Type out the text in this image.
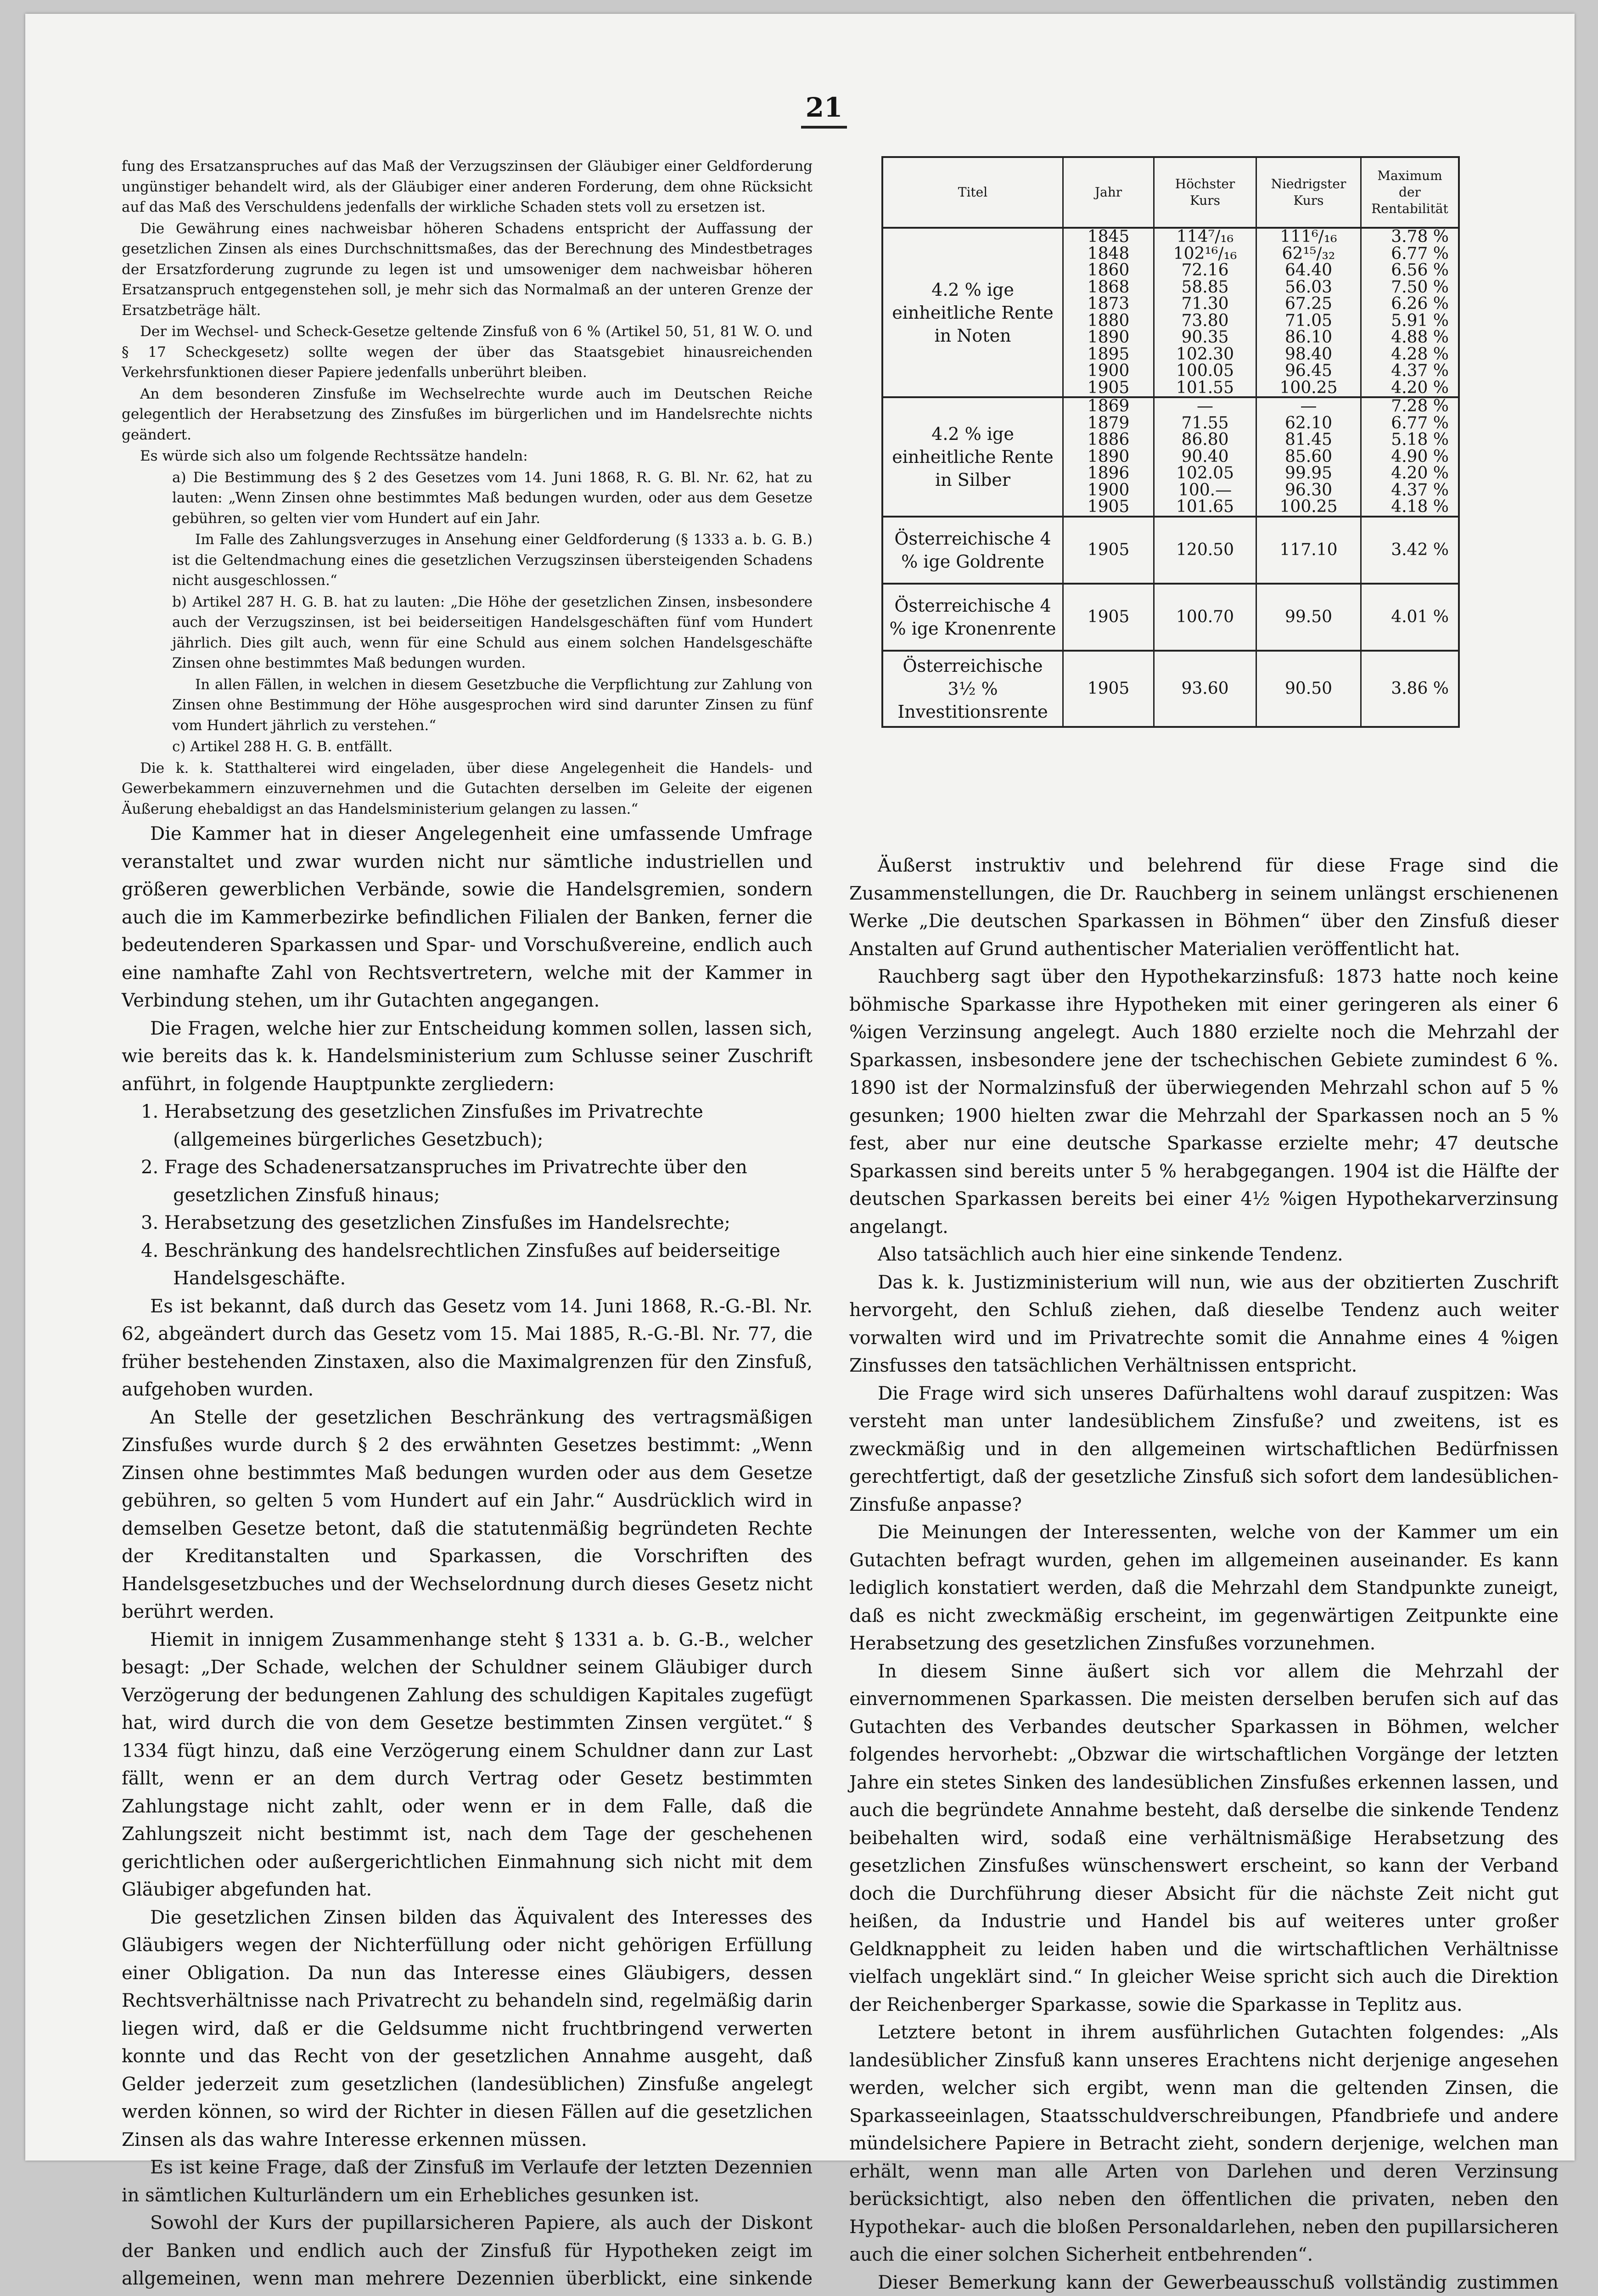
21

fung des Ersatzanspruches auf das Maß der Verzugszinsen der Gläubiger einer Geldforderung ungünstiger behandelt wird, als der Gläubiger einer anderen Forderung, dem ohne Rücksicht auf das Maß des Verschuldens jedenfalls der wirkliche Schaden stets voll zu ersetzen ist.

Die Gewährung eines nachweisbar höheren Schadens entspricht der Auffassung der gesetzlichen Zinsen als eines Durchschnittsmaßes, das der Berechnung des Mindestbetrages der Ersatzforderung zugrunde zu legen ist und umsoweniger dem nachweisbar höheren Ersatzanspruch entgegenstehen soll, je mehr sich das Normalmaß an der unteren Grenze der Ersatzbeträge hält.

Der im Wechsel- und Scheck-Gesetze geltende Zinsfuß von 6 % (Artikel 50, 51, 81 W. O. und § 17 Scheckgesetz) sollte wegen der über das Staatsgebiet hinausreichenden Verkehrsfunktionen dieser Papiere jedenfalls unberührt bleiben.

An dem besonderen Zinsfuße im Wechselrechte wurde auch im Deutschen Reiche gelegentlich der Herabsetzung des Zinsfußes im bürgerlichen und im Handelsrechte nichts geändert.

Es würde sich also um folgende Rechtssätze handeln:

a) Die Bestimmung des § 2 des Gesetzes vom 14. Juni 1868, R. G. Bl. Nr. 62, hat zu lauten: „Wenn Zinsen ohne bestimmtes Maß bedungen wurden, oder aus dem Gesetze gebühren, so gelten vier vom Hundert auf ein Jahr.

Im Falle des Zahlungsverzuges in Ansehung einer Geldforderung (§ 1333 a. b. G. B.) ist die Geltendmachung eines die gesetzlichen Verzugszinsen übersteigenden Schadens nicht ausgeschlossen.“

b) Artikel 287 H. G. B. hat zu lauten: „Die Höhe der gesetzlichen Zinsen, insbesondere auch der Verzugszinsen, ist bei beiderseitigen Handelsgeschäften fünf vom Hundert jährlich. Dies gilt auch, wenn für eine Schuld aus einem solchen Handelsgeschäfte Zinsen ohne bestimmtes Maß bedungen wurden.

In allen Fällen, in welchen in diesem Gesetzbuche die Verpflichtung zur Zahlung von Zinsen ohne Bestimmung der Höhe ausgesprochen wird sind darunter Zinsen zu fünf vom Hundert jährlich zu verstehen.“

c) Artikel 288 H. G. B. entfällt.

Die k. k. Statthalterei wird eingeladen, über diese Angelegenheit die Handels- und Gewerbekammern einzuvernehmen und die Gutachten derselben im Geleite der eigenen Äußerung ehebaldigst an das Handelsministerium gelangen zu lassen.“

Die Kammer hat in dieser Angelegenheit eine umfassende Umfrage veranstaltet und zwar wurden nicht nur sämtliche industriellen und größeren gewerblichen Verbände, sowie die Handelsgremien, sondern auch die im Kammerbezirke befindlichen Filialen der Banken, ferner die bedeutenderen Sparkassen und Spar- und Vorschußvereine, endlich auch eine namhafte Zahl von Rechtsvertretern, welche mit der Kammer in Verbindung stehen, um ihr Gutachten angegangen.

Die Fragen, welche hier zur Entscheidung kommen sollen, lassen sich, wie bereits das k. k. Handelsministerium zum Schlusse seiner Zuschrift anführt, in folgende Hauptpunkte zergliedern:

1. Herabsetzung des gesetzlichen Zinsfußes im Privatrechte (allgemeines bürgerliches Gesetzbuch);

2. Frage des Schadenersatzanspruches im Privatrechte über den gesetzlichen Zinsfuß hinaus;

3. Herabsetzung des gesetzlichen Zinsfußes im Handelsrechte;

4. Beschränkung des handelsrechtlichen Zinsfußes auf beiderseitige Handelsgeschäfte.

Es ist bekannt, daß durch das Gesetz vom 14. Juni 1868, R.-G.-Bl. Nr. 62, abgeändert durch das Gesetz vom 15. Mai 1885, R.-G.-Bl. Nr. 77, die früher bestehenden Zinstaxen, also die Maximalgrenzen für den Zinsfuß, aufgehoben wurden.

An Stelle der gesetzlichen Beschränkung des vertragsmäßigen Zinsfußes wurde durch § 2 des erwähnten Gesetzes bestimmt: „Wenn Zinsen ohne bestimmtes Maß bedungen wurden oder aus dem Gesetze gebühren, so gelten 5 vom Hundert auf ein Jahr.“ Ausdrücklich wird in demselben Gesetze betont, daß die statutenmäßig begründeten Rechte der Kreditanstalten und Sparkassen, die Vorschriften des Handelsgesetzbuches und der Wechselordnung durch dieses Gesetz nicht berührt werden.

Hiemit in innigem Zusammenhange steht § 1331 a. b. G.-B., welcher besagt: „Der Schade, welchen der Schuldner seinem Gläubiger durch Verzögerung der bedungenen Zahlung des schuldigen Kapitales zugefügt hat, wird durch die von dem Gesetze bestimmten Zinsen vergütet.“ § 1334 fügt hinzu, daß eine Verzögerung einem Schuldner dann zur Last fällt, wenn er an dem durch Vertrag oder Gesetz bestimmten Zahlungstage nicht zahlt, oder wenn er in dem Falle, daß die Zahlungszeit nicht bestimmt ist, nach dem Tage der geschehenen gerichtlichen oder außergerichtlichen Einmahnung sich nicht mit dem Gläubiger abgefunden hat.

Die gesetzlichen Zinsen bilden das Äquivalent des Interesses des Gläubigers wegen der Nichterfüllung oder nicht gehörigen Erfüllung einer Obligation. Da nun das Interesse eines Gläubigers, dessen Rechtsverhältnisse nach Privatrecht zu behandeln sind, regelmäßig darin liegen wird, daß er die Geldsumme nicht fruchtbringend verwerten konnte und das Recht von der gesetzlichen Annahme ausgeht, daß Gelder jederzeit zum gesetzlichen (landesüblichen) Zinsfuße angelegt werden können, so wird der Richter in diesen Fällen auf die gesetzlichen Zinsen als das wahre Interesse erkennen müssen.

Es ist keine Frage, daß der Zinsfuß im Verlaufe der letzten Dezennien in sämtlichen Kulturländern um ein Erhebliches gesunken ist.

Sowohl der Kurs der pupillarsicheren Papiere, als auch der Diskont der Banken und endlich auch der Zinsfuß für Hypotheken zeigt im allgemeinen, wenn man mehrere Dezennien überblickt, eine sinkende

Titel	Jahr	Höchster Kurs	Niedrigster Kurs	Maximum der Rentabilität
4.2 % ige einheitliche Rente in Noten	1845	114⁷/₁₆	111⁶/₁₆	3.78 %
	1848	102¹⁶/₁₆	62¹⁵/₃₂	6.77 %
	1860	72.16	64.40	6.56 %
	1868	58.85	56.03	7.50 %
	1873	71.30	67.25	6.26 %
	1880	73.80	71.05	5.91 %
	1890	90.35	86.10	4.88 %
	1895	102.30	98.40	4.28 %
	1900	100.05	96.45	4.37 %
	1905	101.55	100.25	4.20 %
4.2 % ige einheitliche Rente in Silber	1869	—	—	7.28 %
	1879	71.55	62.10	6.77 %
	1886	86.80	81.45	5.18 %
	1890	90.40	85.60	4.90 %
	1896	102.05	99.95	4.20 %
	1900	100.—	96.30	4.37 %
	1905	101.65	100.25	4.18 %
Österreichische 4 % ige Goldrente	1905	120.50	117.10	3.42 %
Österreichische 4 % ige Kronenrente	1905	100.70	99.50	4.01 %
Österreichische 3½ % Investitionsrente	1905	93.60	90.50	3.86 %

Äußerst instruktiv und belehrend für diese Frage sind die Zusammenstellungen, die Dr. Rauchberg in seinem unlängst erschienenen Werke „Die deutschen Sparkassen in Böhmen“ über den Zinsfuß dieser Anstalten auf Grund authentischer Materialien veröffentlicht hat.

Rauchberg sagt über den Hypothekarzinsfuß: 1873 hatte noch keine böhmische Sparkasse ihre Hypotheken mit einer geringeren als einer 6 %igen Verzinsung angelegt. Auch 1880 erzielte noch die Mehrzahl der Sparkassen, insbesondere jene der tschechischen Gebiete zumindest 6 %. 1890 ist der Normalzinsfuß der überwiegenden Mehrzahl schon auf 5 % gesunken; 1900 hielten zwar die Mehrzahl der Sparkassen noch an 5 % fest, aber nur eine deutsche Sparkasse erzielte mehr; 47 deutsche Sparkassen sind bereits unter 5 % herabgegangen. 1904 ist die Hälfte der deutschen Sparkassen bereits bei einer 4½ %igen Hypothekarverzinsung angelangt.

Also tatsächlich auch hier eine sinkende Tendenz.

Das k. k. Justizministerium will nun, wie aus der obzitierten Zuschrift hervorgeht, den Schluß ziehen, daß dieselbe Tendenz auch weiter vorwalten wird und im Privatrechte somit die Annahme eines 4 %igen Zinsfusses den tatsächlichen Verhältnissen entspricht.

Die Frage wird sich unseres Dafürhaltens wohl darauf zuspitzen: Was versteht man unter landesüblichem Zinsfuße? und zweitens, ist es zweckmäßig und in den allgemeinen wirtschaftlichen Bedürfnissen gerechtfertigt, daß der gesetzliche Zinsfuß sich sofort dem landesüblichen-Zinsfuße anpasse?

Die Meinungen der Interessenten, welche von der Kammer um ein Gutachten befragt wurden, gehen im allgemeinen auseinander. Es kann lediglich konstatiert werden, daß die Mehrzahl dem Standpunkte zuneigt, daß es nicht zweckmäßig erscheint, im gegenwärtigen Zeitpunkte eine Herabsetzung des gesetzlichen Zinsfußes vorzunehmen.

In diesem Sinne äußert sich vor allem die Mehrzahl der einvernommenen Sparkassen. Die meisten derselben berufen sich auf das Gutachten des Verbandes deutscher Sparkassen in Böhmen, welcher folgendes hervorhebt: „Obzwar die wirtschaftlichen Vorgänge der letzten Jahre ein stetes Sinken des landesüblichen Zinsfußes erkennen lassen, und auch die begründete Annahme besteht, daß derselbe die sinkende Tendenz beibehalten wird, sodaß eine verhältnismäßige Herabsetzung des gesetzlichen Zinsfußes wünschenswert erscheint, so kann der Verband doch die Durchführung dieser Absicht für die nächste Zeit nicht gut heißen, da Industrie und Handel bis auf weiteres unter großer Geldknappheit zu leiden haben und die wirtschaftlichen Verhältnisse vielfach ungeklärt sind.“ In gleicher Weise spricht sich auch die Direktion der Reichenberger Sparkasse, sowie die Sparkasse in Teplitz aus.

Letztere betont in ihrem ausführlichen Gutachten folgendes: „Als landesüblicher Zinsfuß kann unseres Erachtens nicht derjenige angesehen werden, welcher sich ergibt, wenn man die geltenden Zinsen, die Sparkasseeinlagen, Staatsschuldverschreibungen, Pfandbriefe und andere mündelsichere Papiere in Betracht zieht, sondern derjenige, welchen man erhält, wenn man alle Arten von Darlehen und deren Verzinsung berücksichtigt, also neben den öffentlichen die privaten, neben den Hypothekar- auch die bloßen Personaldarlehen, neben den pupillarsicheren auch die einer solchen Sicherheit entbehrenden“.

Dieser Bemerkung kann der Gewerbeausschuß vollständig zustimmen
